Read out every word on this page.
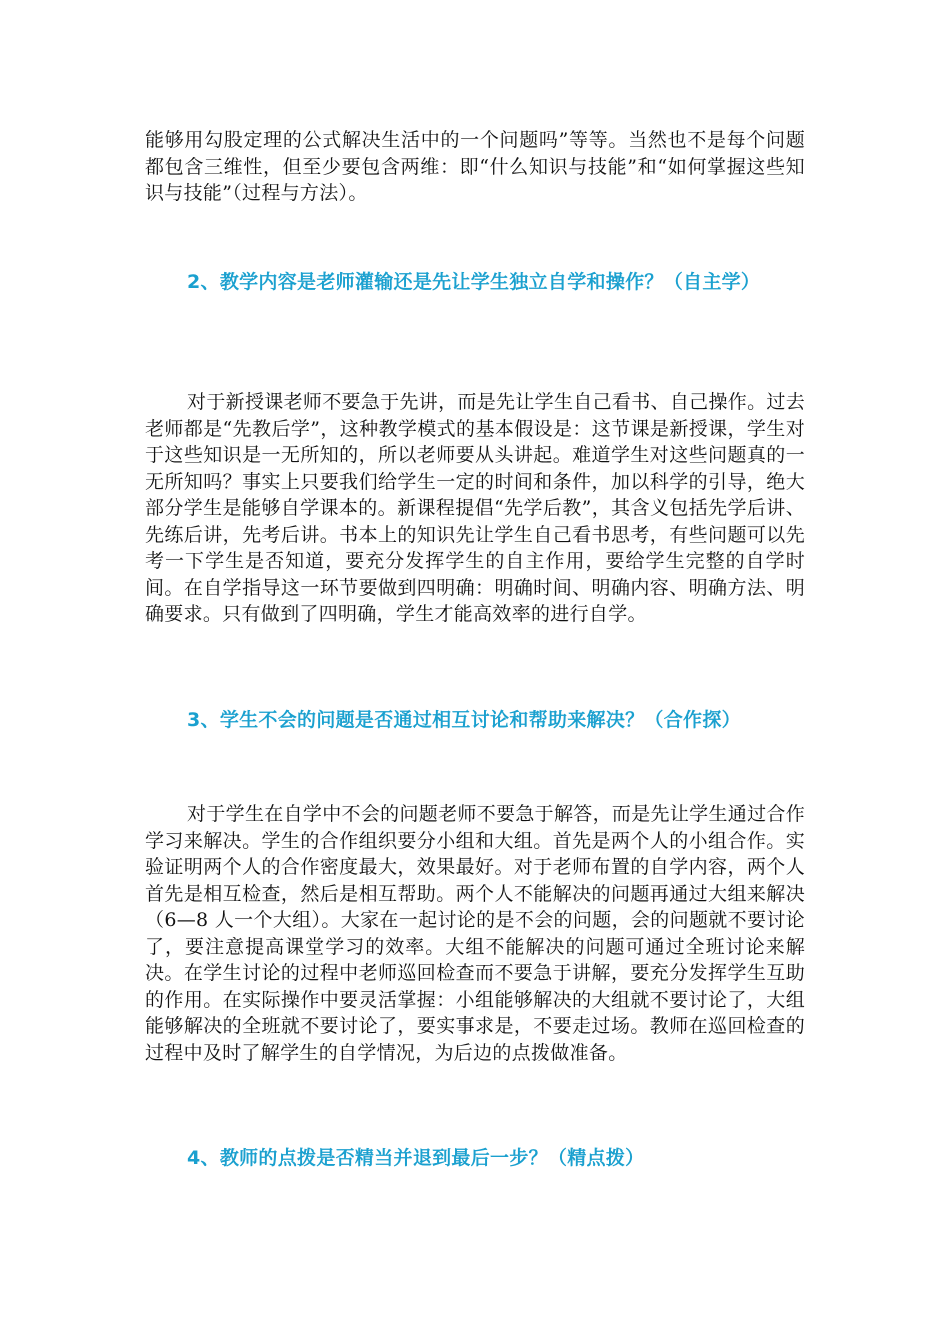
能够用勾股定理的公式解决生活中的一个问题吗”等等。当然也不是每个问题都包含三维性，但至少要包含两维：即“什么知识与技能”和“如何掌握这些知识与技能”（过程与方法）。

2、教学内容是老师灌输还是先让学生独立自学和操作？（自主学）

对于新授课老师不要急于先讲，而是先让学生自己看书、自己操作。过去老师都是“先教后学”，这种教学模式的基本假设是：这节课是新授课，学生对于这些知识是一无所知的，所以老师要从头讲起。难道学生对这些问题真的一无所知吗？事实上只要我们给学生一定的时间和条件，加以科学的引导，绝大部分学生是能够自学课本的。新课程提倡“先学后教”，其含义包括先学后讲、先练后讲，先考后讲。书本上的知识先让学生自己看书思考，有些问题可以先考一下学生是否知道，要充分发挥学生的自主作用，要给学生完整的自学时间。在自学指导这一环节要做到四明确：明确时间、明确内容、明确方法、明确要求。只有做到了四明确，学生才能高效率的进行自学。

3、学生不会的问题是否通过相互讨论和帮助来解决？（合作探）

对于学生在自学中不会的问题老师不要急于解答，而是先让学生通过合作学习来解决。学生的合作组织要分小组和大组。首先是两个人的小组合作。实验证明两个人的合作密度最大，效果最好。对于老师布置的自学内容，两个人首先是相互检查，然后是相互帮助。两个人不能解决的问题再通过大组来解决（6—8 人一个大组）。大家在一起讨论的是不会的问题，会的问题就不要讨论了，要注意提高课堂学习的效率。大组不能解决的问题可通过全班讨论来解决。在学生讨论的过程中老师巡回检查而不要急于讲解，要充分发挥学生互助的作用。在实际操作中要灵活掌握：小组能够解决的大组就不要讨论了，大组能够解决的全班就不要讨论了，要实事求是，不要走过场。教师在巡回检查的过程中及时了解学生的自学情况，为后边的点拨做准备。

4、教师的点拨是否精当并退到最后一步？（精点拨）
